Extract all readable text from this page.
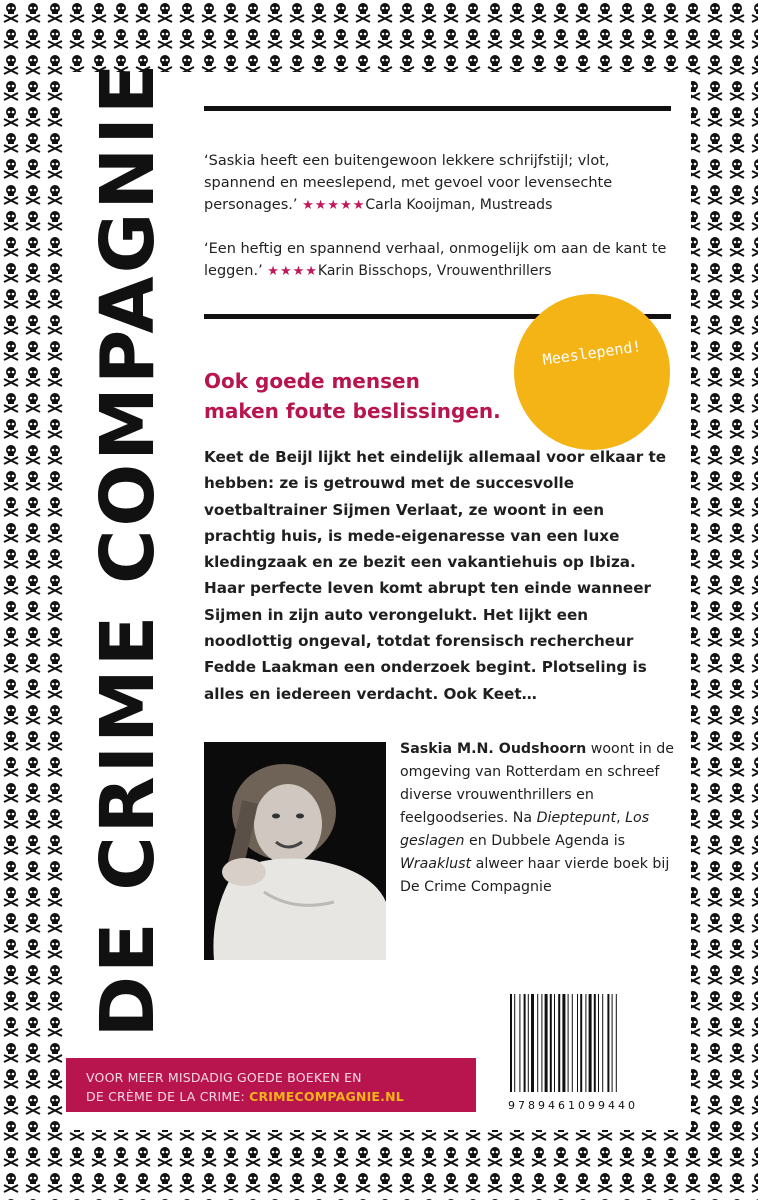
DE CRIME COMPAGNIE ‘Saskia heeft een buitengewoon lekkere schrijfstijl; vlot, spannend en meeslepend, met gevoel voor levensechte personages.’ ★★★★★Carla Kooijman, Mustreads
‘Een heftig en spannend verhaal, onmogelijk om aan de kant te leggen.’ ★★★★Karin Bisschops, Vrouwenthrillers
Meeslepend!
Ook goede mensen
maken foute beslissingen.
Keet de Beijl lijkt het eindelijk allemaal voor elkaar te hebben: ze is getrouwd met de succesvolle voetbaltrainer Sijmen Verlaat, ze woont in een prachtig huis, is mede-eigenaresse van een luxe kledingzaak en ze bezit een vakantiehuis op Ibiza. Haar perfecte leven komt abrupt ten einde wanneer Sijmen in zijn auto verongelukt. Het lijkt een noodlottig ongeval, totdat forensisch rechercheur Fedde Laakman een onderzoek begint. Plotseling is alles en iedereen verdacht. Ook Keet…
Saskia M.N. Oudshoorn woont in de omgeving van Rotterdam en schreef diverse vrouwenthrillers en feelgoodseries. Na Dieptepunt, Los geslagen en Dubbele Agenda is Wraaklust alweer haar vierde boek bij De Crime Compagnie
VOOR MEER MISDADIG GOEDE BOEKEN EN
DE CRÈME DE LA CRIME: CRIMECOMPAGNIE.NL
9789461099440
